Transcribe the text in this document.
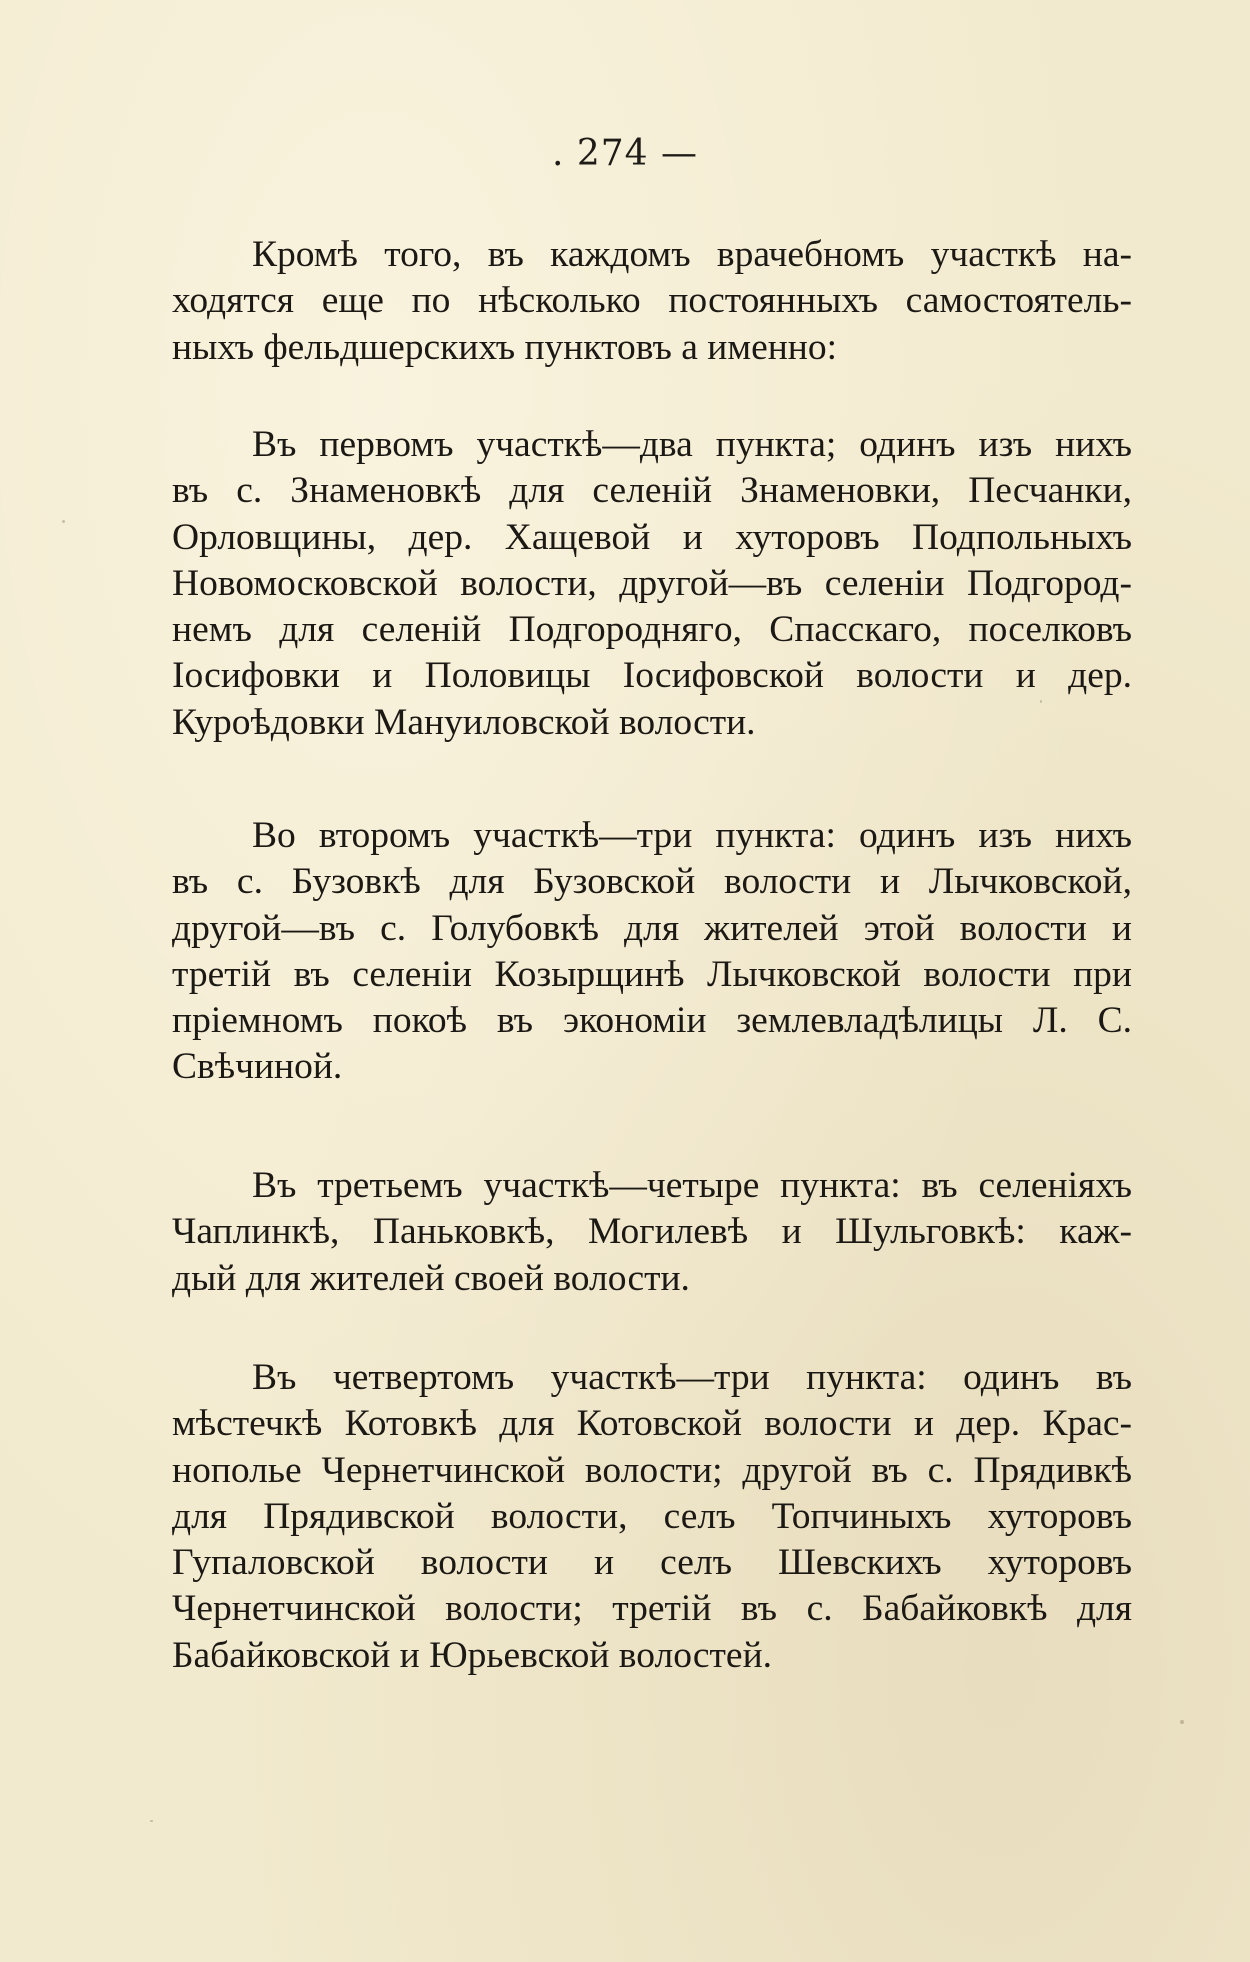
. 274 —
Кромѣ того, въ каждомъ врачебномъ участкѣ на-
ходятся еще по нѣсколько постоянныхъ самостоятель-
ныхъ фельдшерскихъ пунктовъ а именно:
Въ первомъ участкѣ—два пункта; одинъ изъ нихъ
въ с. Знаменовкѣ для селеній Знаменовки, Песчанки,
Орловщины, дер. Хащевой и хуторовъ Подпольныхъ
Новомосковской волости, другой—въ селеніи Подгород-
немъ для селеній Подгороднягo, Спасскаго, поселковъ
Іосифовки и Половицы Іосифовской волости и дер.
Куроѣдовки Мануиловской волости.
Во второмъ участкѣ—три пункта: одинъ изъ нихъ
въ с. Бузовкѣ для Бузовской волости и Лычковской,
другой—въ с. Голубовкѣ для жителей этой волости и
третій въ селеніи Козырщинѣ Лычковской волости при
пріемномъ покоѣ въ экономіи землевладѣлицы Л. С.
Свѣчиной.
Въ третьемъ участкѣ—четыре пункта: въ селеніяхъ
Чаплинкѣ, Паньковкѣ, Могилевѣ и Шульговкѣ: каж-
дый для жителей своей волости.
Въ четвертомъ участкѣ—три пункта: одинъ въ
мѣстечкѣ Котовкѣ для Котовской волости и дер. Крас-
нополье Чернетчинской волости; другой въ с. Прядивкѣ
для Прядивской волости, селъ Топчиныхъ хуторовъ
Гупаловской волости и селъ Шевскихъ хуторовъ
Чернетчинской волости; третій въ с. Бабайковкѣ для
Бабайковской и Юрьевской волостей.
